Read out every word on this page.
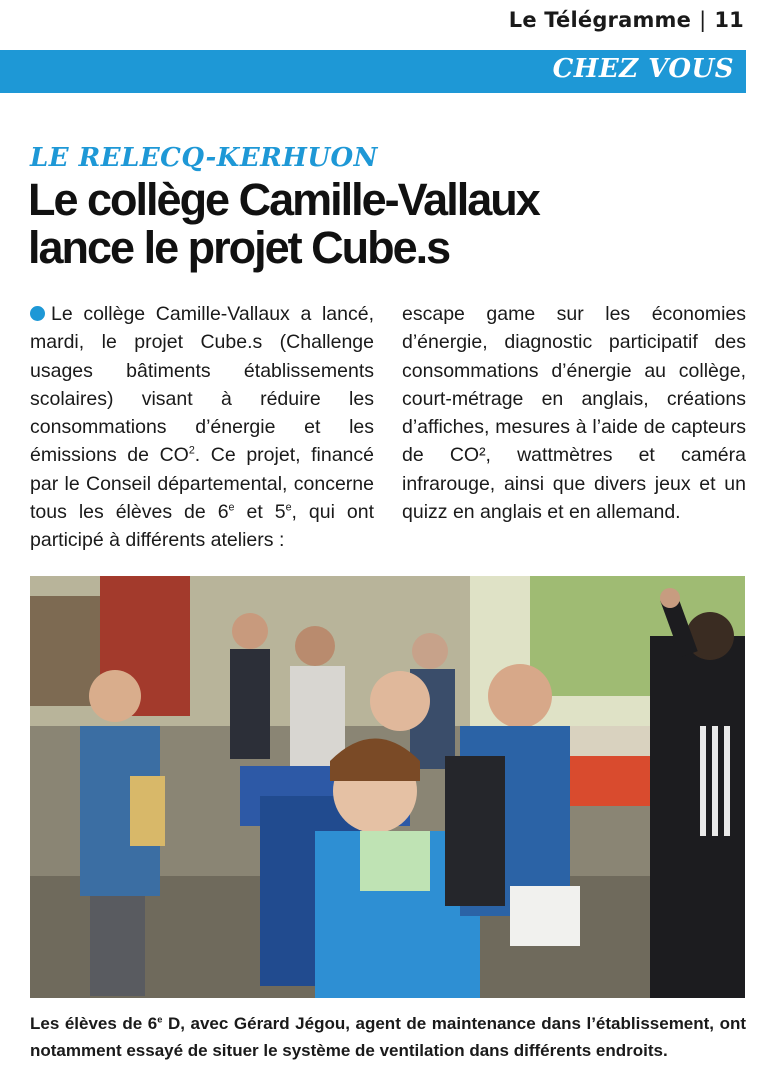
Le Télégramme | 11
CHEZ VOUS
LE RELECQ-KERHUON
Le collège Camille-Vallaux
lance le projet Cube.s
Le collège Camille-Vallaux a lancé, mardi, le projet Cube.s (Challenge usages bâtiments établissements scolaires) visant à réduire les consommations d’énergie et les émissions de $CO^2$. Ce projet, financé par le Conseil départemental, concerne tous les élèves de 6e et 5e, qui ont participé à différents ateliers :
escape game sur les économies d’énergie, diagnostic participatif des consommations d’énergie au collège, court-métrage en anglais, créations d’affiches, mesures à l’aide de capteurs de CO², wattmètres et caméra infrarouge, ainsi que divers jeux et un quizz en anglais et en allemand.
Les élèves de 6e D, avec Gérard Jégou, agent de maintenance dans l’établissement, ont notamment essayé de situer le système de ventilation dans différents endroits.
